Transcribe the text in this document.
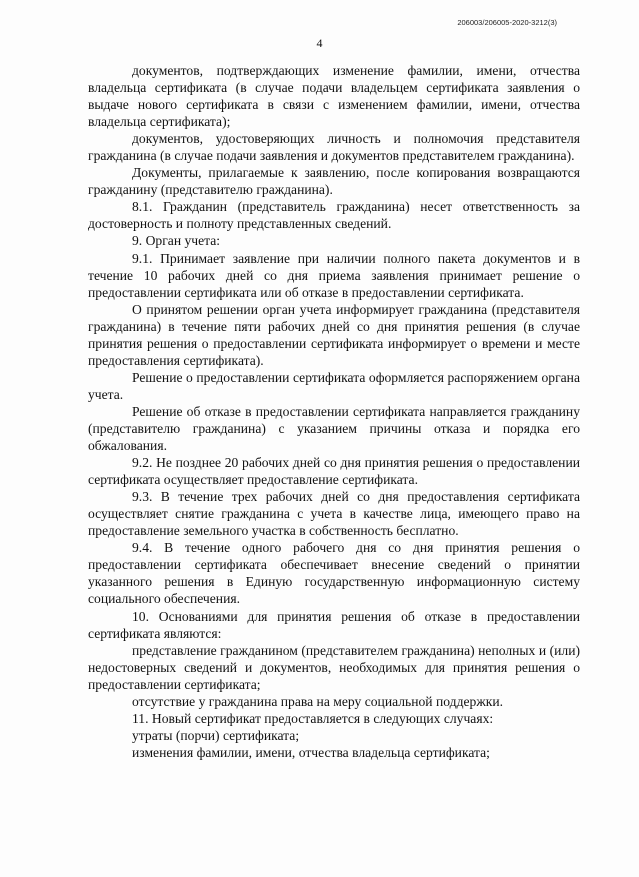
206003/206005-2020-3212(3)
4

документов, подтверждающих изменение фамилии, имени, отчества владельца сертификата (в случае подачи владельцем сертификата заявления о выдаче нового сертификата в связи с изменением фамилии, имени, отчества владельца сертификата);

документов, удостоверяющих личность и полномочия представителя гражданина (в случае подачи заявления и документов представителем гражданина).

Документы, прилагаемые к заявлению, после копирования возвращаются гражданину (представителю гражданина).

8.1. Гражданин (представитель гражданина) несет ответственность за достоверность и полноту представленных сведений.

9. Орган учета:

9.1. Принимает заявление при наличии полного пакета документов и в течение 10 рабочих дней со дня приема заявления принимает решение о предоставлении сертификата или об отказе в предоставлении сертификата.

О принятом решении орган учета информирует гражданина (представителя гражданина) в течение пяти рабочих дней со дня принятия решения (в случае принятия решения о предоставлении сертификата информирует о времени и месте предоставления сертификата).

Решение о предоставлении сертификата оформляется распоряжением органа учета.

Решение об отказе в предоставлении сертификата направляется гражданину (представителю гражданина) с указанием причины отказа и порядка его обжалования.

9.2. Не позднее 20 рабочих дней со дня принятия решения о предоставлении сертификата осуществляет предоставление сертификата.

9.3. В течение трех рабочих дней со дня предоставления сертификата осуществляет снятие гражданина с учета в качестве лица, имеющего право на предоставление земельного участка в собственность бесплатно.

9.4. В течение одного рабочего дня со дня принятия решения о предоставлении сертификата обеспечивает внесение сведений о принятии указанного решения в Единую государственную информационную систему социального обеспечения.

10. Основаниями для принятия решения об отказе в предоставлении сертификата являются:

представление гражданином (представителем гражданина) неполных и (или) недостоверных сведений и документов, необходимых для принятия решения о предоставлении сертификата;

отсутствие у гражданина права на меру социальной поддержки.

11. Новый сертификат предоставляется в следующих случаях:

утраты (порчи) сертификата;

изменения фамилии, имени, отчества владельца сертификата;
